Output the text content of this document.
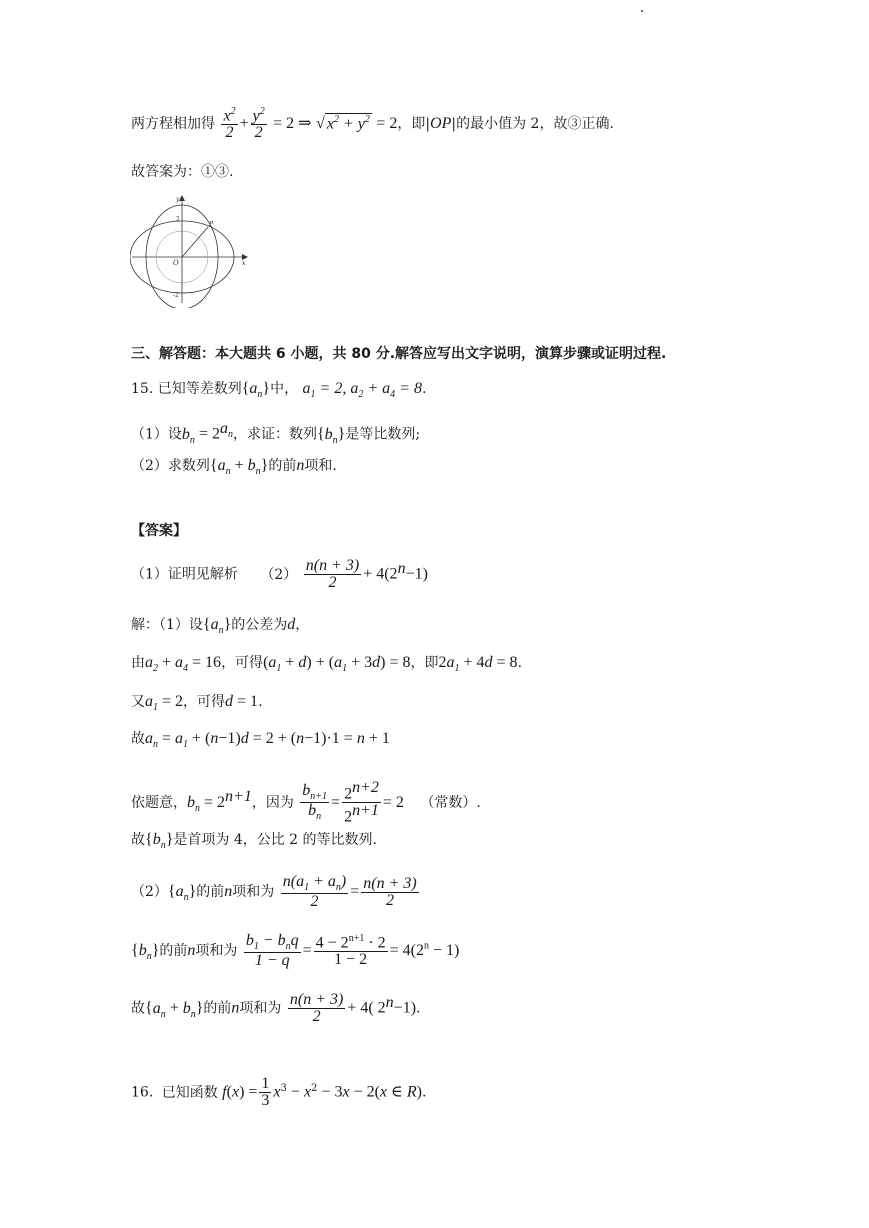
两方程相加得 $\frac{x^2}{2} + \frac{y^2}{2} = 2$ ⇒ √ $x^2 + y^2 = 2$，即|OP|的最小值为 2，故③正确.
故答案为：①③.
O
y
x
P
2
-2
三、解答题：本大题共 6 小题，共 80 分.解答应写出文字说明，演算步骤或证明过程.
15. 已知等差数列$\{a_n\}$中， $a_1 = 2$, $a_2 + a_4 = 8$.
（1）设$b_n = 2^{a_n}$，求证：数列$\{b_n\}$是等比数列;
（2）求数列$\{a_n + b_n\}$的前n项和.
【答案】
（1）证明见解析 $(2) \frac{n(n + 3)}{2} + 4(2^n-1)$
解：（1）设$\{a_n\}$的公差为d，
由$a_2 + a_4 = 16$，可得$(a_1 + d) + (a_1 + 3d) = 8$，即$2a_1 + 4d = 8$.
又$a_1 = 2$，可得d = 1.
故$a_n = a_1 + (n-1)d = 2 + (n-1)\cdot 1 = n + 1$
依题意，$b_n = 2^{n+1}$，因为 $\frac{b_{n+1}}{b_n} = \frac{2^{n+2}}{2^{n+1}} = 2$ （常数）.
故$\{b_n\}$是首项为 4，公比 2 的等比数列.
$(2)\{a_n\}$的前n项和为 $\frac{n(a_1 + a_n)}{2} = \frac{n(n + 3)}{2}$
$\{b_n\}$的前n项和为 $\frac{b_1 - b_nq}{1 - q} = \frac{4 - 2^{n+1} \cdot 2}{1 - 2} = 4(2^n - 1)$
故$\{a_n + b_n\}$的前n项和为 $\frac{n(n + 3)}{2} + 4$( $2^n-1$).
16. 已知函数 $f(x) = \frac{1}{3} x^3 - x^2 - 3x - 2(x$ ∈ R).
